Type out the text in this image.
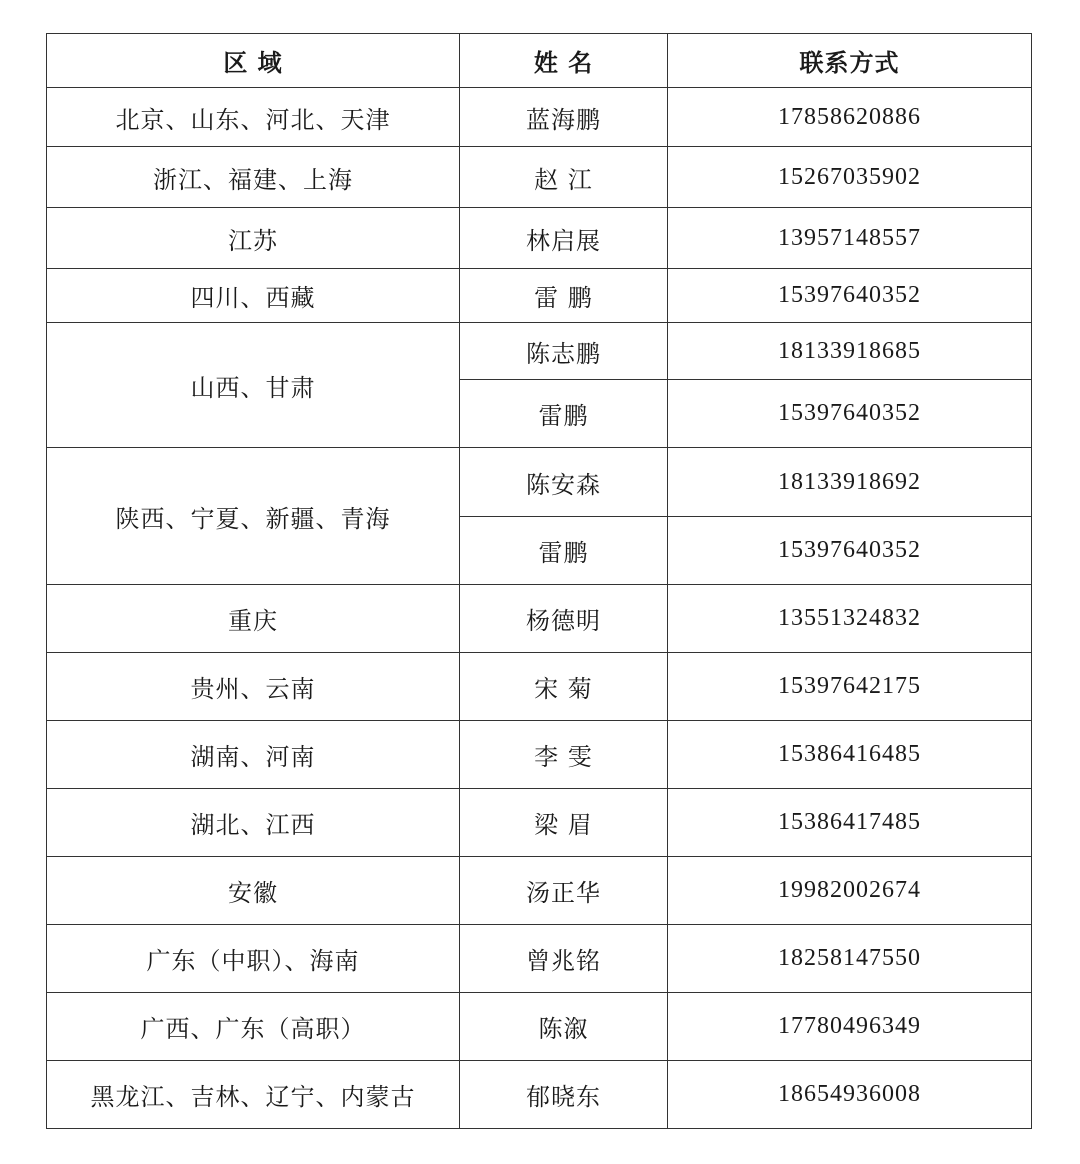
区 域	姓 名	联系方式
北京、山东、河北、天津	蓝海鹏	17858620886
浙江、福建、上海	赵 江	15267035902
江苏	林启展	13957148557
四川、西藏	雷 鹏	15397640352
山西、甘肃	陈志鹏	18133918685
	雷鹏	15397640352
陕西、宁夏、新疆、青海	陈安森	18133918692
	雷鹏	15397640352
重庆	杨德明	13551324832
贵州、云南	宋 菊	15397642175
湖南、河南	李 雯	15386416485
湖北、江西	梁 眉	15386417485
安徽	汤正华	19982002674
广东（中职）、海南	曾兆铭	18258147550
广西、广东（高职）	陈溆	17780496349
黑龙江、吉林、辽宁、内蒙古	郁晓东	18654936008
